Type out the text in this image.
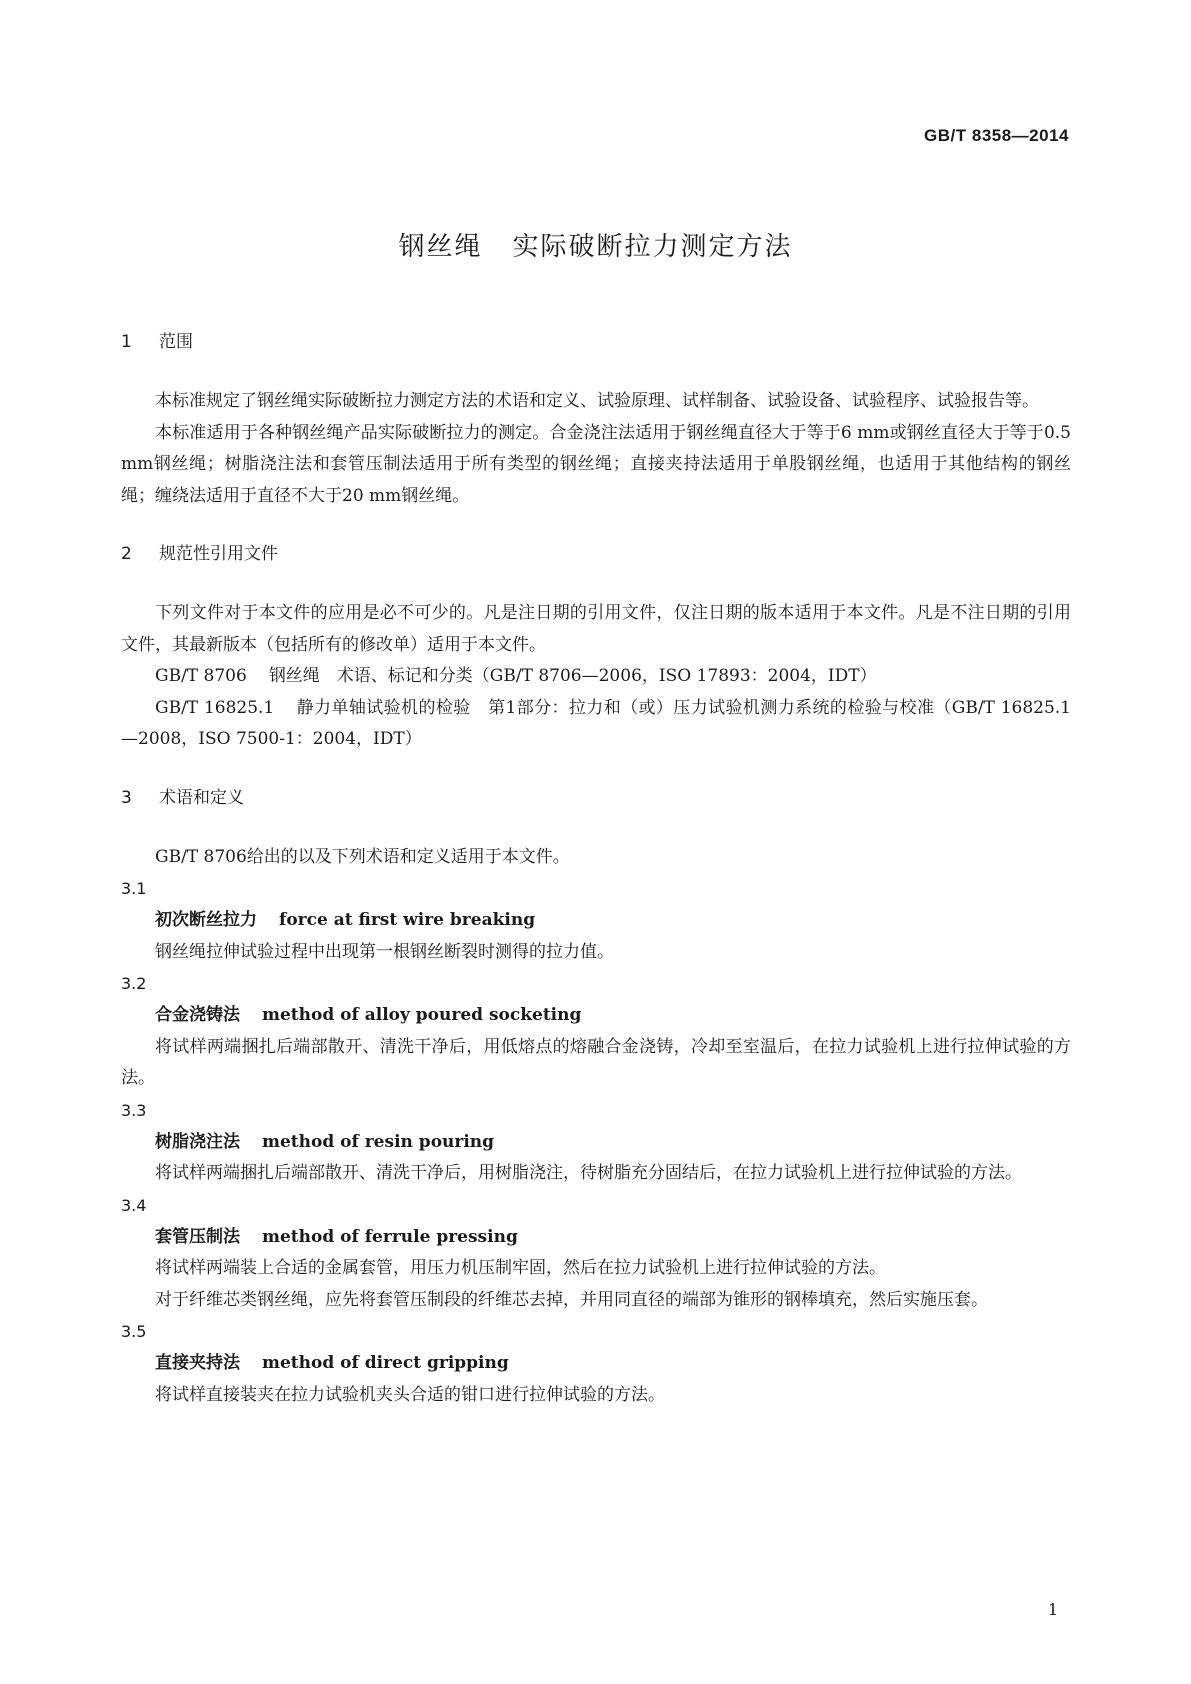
GB/T 8358—2014
钢丝绳 实际破断拉力测定方法
1 范围

本标准规定了钢丝绳实际破断拉力测定方法的术语和定义、试验原理、试样制备、试验设备、试验程序、试验报告等。

本标准适用于各种钢丝绳产品实际破断拉力的测定。合金浇注法适用于钢丝绳直径大于等于6 mm或钢丝直径大于等于0.5 mm钢丝绳；树脂浇注法和套管压制法适用于所有类型的钢丝绳；直接夹持法适用于单股钢丝绳，也适用于其他结构的钢丝绳；缠绕法适用于直径不大于20 mm钢丝绳。

2 规范性引用文件

下列文件对于本文件的应用是必不可少的。凡是注日期的引用文件，仅注日期的版本适用于本文件。凡是不注日期的引用文件，其最新版本（包括所有的修改单）适用于本文件。

GB/T 8706 钢丝绳　术语、标记和分类（GB/T 8706—2006，ISO 17893：2004，IDT）

GB/T 16825.1 静力单轴试验机的检验　第1部分：拉力和（或）压力试验机测力系统的检验与校准（GB/T 16825.1—2008，ISO 7500-1：2004，IDT）

3 术语和定义

GB/T 8706给出的以及下列术语和定义适用于本文件。

3.1
初次断丝拉力 force at first wire breaking

钢丝绳拉伸试验过程中出现第一根钢丝断裂时测得的拉力值。

3.2
合金浇铸法 method of alloy poured socketing

将试样两端捆扎后端部散开、清洗干净后，用低熔点的熔融合金浇铸，冷却至室温后，在拉力试验机上进行拉伸试验的方法。

3.3
树脂浇注法 method of resin pouring

将试样两端捆扎后端部散开、清洗干净后，用树脂浇注，待树脂充分固结后，在拉力试验机上进行拉伸试验的方法。

3.4
套管压制法 method of ferrule pressing

将试样两端装上合适的金属套管，用压力机压制牢固，然后在拉力试验机上进行拉伸试验的方法。

对于纤维芯类钢丝绳，应先将套管压制段的纤维芯去掉，并用同直径的端部为锥形的钢棒填充，然后实施压套。

3.5
直接夹持法 method of direct gripping

将试样直接装夹在拉力试验机夹头合适的钳口进行拉伸试验的方法。

1
